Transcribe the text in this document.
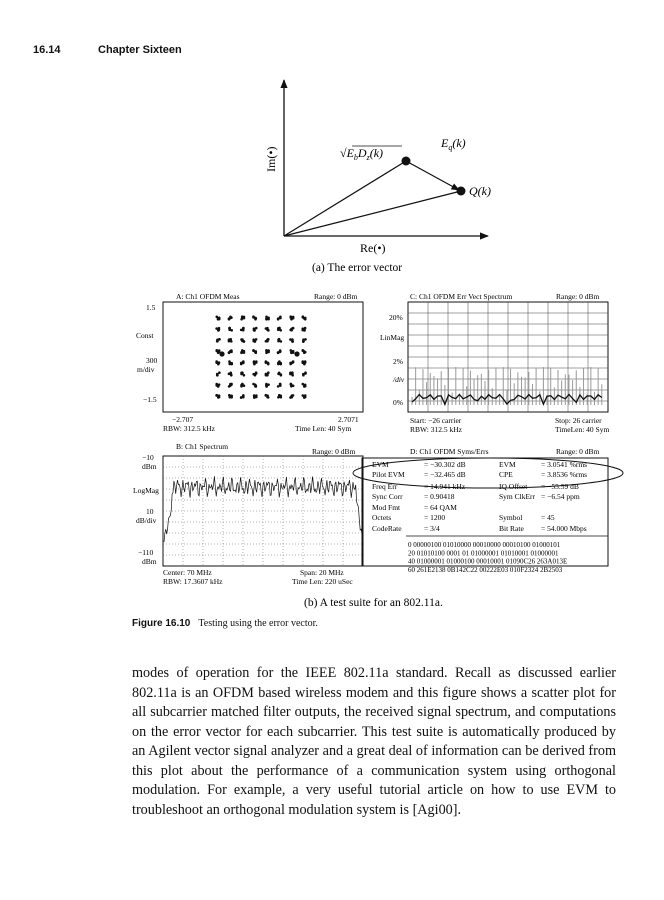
16.14	Chapter Sixteen
Im(•)
Re(•)
$√E_bD_z(k)$
$E_q(k)$
Q(k)
(a) The error vector
A: Ch1 OFDM Meas	Range: 0 dBm
1.5
Const
300
m/div
−1.5
−2.707	2.7071
RBW: 312.5 kHz	Time Len: 40 Sym
C: Ch1 OFDM Err Vect Spectrum	Range: 0 dBm
20%
LinMag
2%
/div
0%
Start: −26 carrier
RBW: 312.5 kHz
Stop: 26 carrier
TimeLen: 40 Sym
B: Ch1 Spectrum
Range: 0 dBm
−10
dBm
LogMag
10
dB/div
−110
dBm
Center: 70 MHz
RBW: 17.3607 kHz
Span: 20 MHz
Time Len: 220 uSec
D: Ch1 OFDM Syms/Errs	Range: 0 dBm
EVM	= −30.302 dB	EVM	= 3.0541 %rms
Pilot EVM	= −32.465 dB	CPE	= 3.8536 %rms
Freq Err	= 14.941 kHz	IQ Offset = −55.59 dB
Sync Corr	= 0.90418	Sym ClkErr = −6.54 ppm
Mod Fmt	= 64 QAM
Octets	= 1200	Symbol = 45
CodeRate	= 3/4	Bit Rate = 54.000 Mbps
0 00000100 01010000 00010000 00010100 01000101
20 01010100 0001 01 01000001 01010001 01000001
40 01000001 01000100 00010001 01090C26 263A013E
60 261E2138 0B142C22 00222E03 010F2324 2B2503
(b) A test suite for an 802.11a.
Figure 16.10 Testing using the error vector.

modes of operation for the IEEE 802.11a standard. Recall as discussed earlier 802.11a is an OFDM based wireless modem and this figure shows a scatter plot for all subcarrier matched filter outputs, the received signal spectrum, and computations on the error vector for each subcarrier. This test suite is automatically produced by an Agilent vector signal analyzer and a great deal of information can be derived from this plot about the performance of a communication system using orthogonal modulation. For example, a very useful tutorial article on how to use EVM to troubleshoot an orthogonal modulation system is [Agi00].
